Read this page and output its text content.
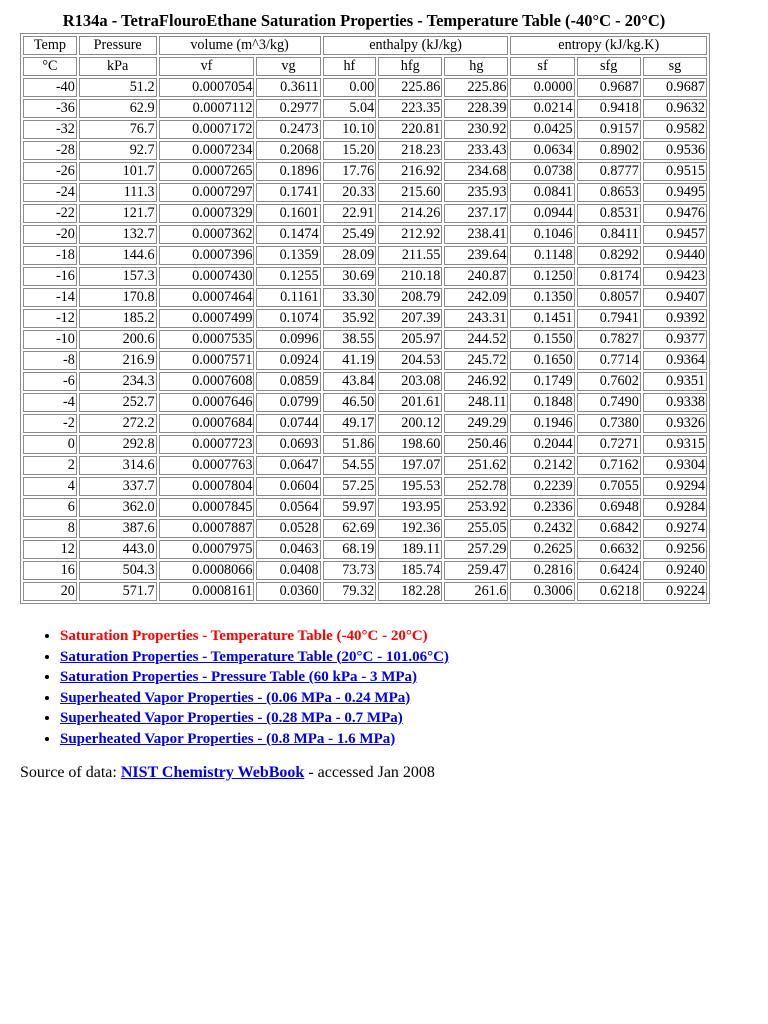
R134a - TetraFlouroEthane Saturation Properties - Temperature Table (-40°C - 20°C)
Temp	Pressure	volume (m^3/kg)		enthalpy (kJ/kg)			entropy (kJ/kg.K)		
°C	kPa	vf	vg	hf	hfg	hg	sf	sfg	sg
-40	51.2	0.0007054	0.3611	0.00	225.86	225.86	0.0000	0.9687	0.9687
-36	62.9	0.0007112	0.2977	5.04	223.35	228.39	0.0214	0.9418	0.9632
-32	76.7	0.0007172	0.2473	10.10	220.81	230.92	0.0425	0.9157	0.9582
-28	92.7	0.0007234	0.2068	15.20	218.23	233.43	0.0634	0.8902	0.9536
-26	101.7	0.0007265	0.1896	17.76	216.92	234.68	0.0738	0.8777	0.9515
-24	111.3	0.0007297	0.1741	20.33	215.60	235.93	0.0841	0.8653	0.9495
-22	121.7	0.0007329	0.1601	22.91	214.26	237.17	0.0944	0.8531	0.9476
-20	132.7	0.0007362	0.1474	25.49	212.92	238.41	0.1046	0.8411	0.9457
-18	144.6	0.0007396	0.1359	28.09	211.55	239.64	0.1148	0.8292	0.9440
-16	157.3	0.0007430	0.1255	30.69	210.18	240.87	0.1250	0.8174	0.9423
-14	170.8	0.0007464	0.1161	33.30	208.79	242.09	0.1350	0.8057	0.9407
-12	185.2	0.0007499	0.1074	35.92	207.39	243.31	0.1451	0.7941	0.9392
-10	200.6	0.0007535	0.0996	38.55	205.97	244.52	0.1550	0.7827	0.9377
-8	216.9	0.0007571	0.0924	41.19	204.53	245.72	0.1650	0.7714	0.9364
-6	234.3	0.0007608	0.0859	43.84	203.08	246.92	0.1749	0.7602	0.9351
-4	252.7	0.0007646	0.0799	46.50	201.61	248.11	0.1848	0.7490	0.9338
-2	272.2	0.0007684	0.0744	49.17	200.12	249.29	0.1946	0.7380	0.9326
0	292.8	0.0007723	0.0693	51.86	198.60	250.46	0.2044	0.7271	0.9315
2	314.6	0.0007763	0.0647	54.55	197.07	251.62	0.2142	0.7162	0.9304
4	337.7	0.0007804	0.0604	57.25	195.53	252.78	0.2239	0.7055	0.9294
6	362.0	0.0007845	0.0564	59.97	193.95	253.92	0.2336	0.6948	0.9284
8	387.6	0.0007887	0.0528	62.69	192.36	255.05	0.2432	0.6842	0.9274
12	443.0	0.0007975	0.0463	68.19	189.11	257.29	0.2625	0.6632	0.9256
16	504.3	0.0008066	0.0408	73.73	185.74	259.47	0.2816	0.6424	0.9240
20	571.7	0.0008161	0.0360	79.32	182.28	261.6	0.3006	0.6218	0.9224
• Saturation Properties - Temperature Table (-40°C - 20°C)
• Saturation Properties - Temperature Table (20°C - 101.06°C)
• Saturation Properties - Pressure Table (60 kPa - 3 MPa)
• Superheated Vapor Properties - (0.06 MPa - 0.24 MPa)
• Superheated Vapor Properties - (0.28 MPa - 0.7 MPa)
• Superheated Vapor Properties - (0.8 MPa - 1.6 MPa)
Source of data: NIST Chemistry WebBook - accessed Jan 2008
